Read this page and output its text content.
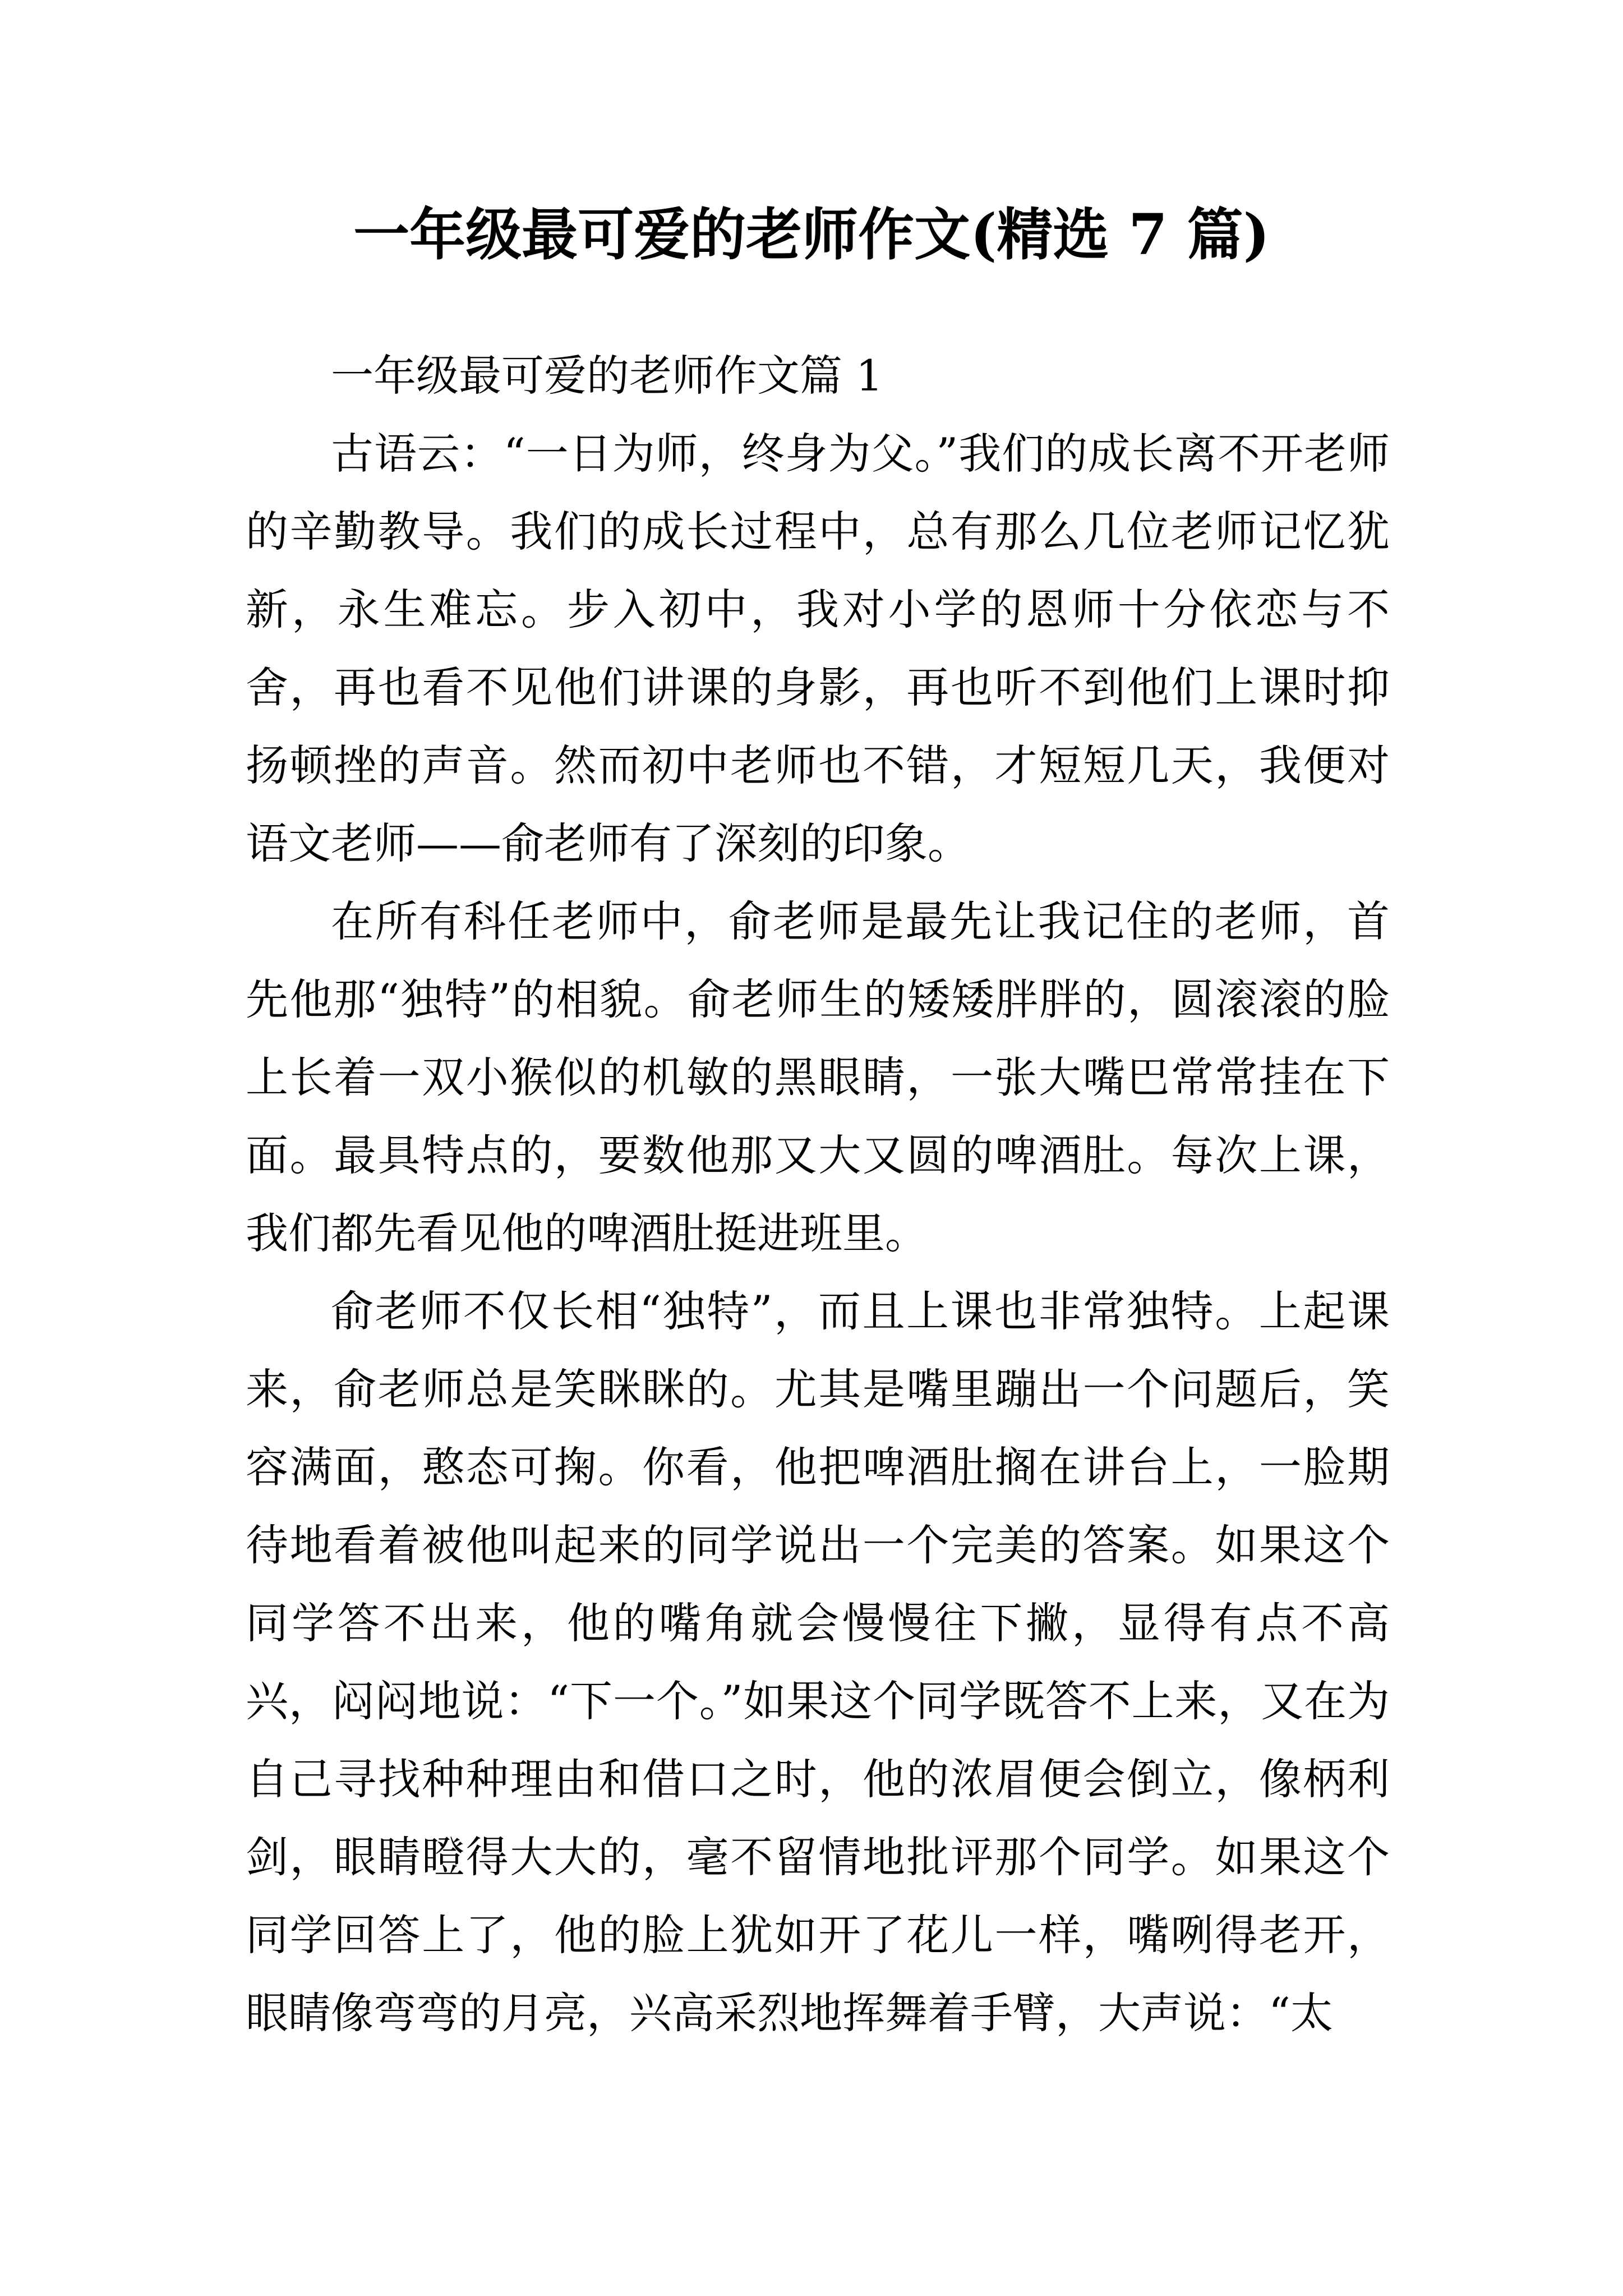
一年级最可爱的老师作文(精选 7 篇)

一年级最可爱的老师作文篇 1

古语云：“一日为师，终身为父。”我们的成长离不开老师的辛勤教导。我们的成长过程中，总有那么几位老师记忆犹新，永生难忘。步入初中，我对小学的恩师十分依恋与不舍，再也看不见他们讲课的身影，再也听不到他们上课时抑扬顿挫的声音。然而初中老师也不错，才短短几天，我便对语文老师——俞老师有了深刻的印象。

在所有科任老师中，俞老师是最先让我记住的老师，首先他那“独特”的相貌。俞老师生的矮矮胖胖的，圆滚滚的脸上长着一双小猴似的机敏的黑眼睛，一张大嘴巴常常挂在下面。最具特点的，要数他那又大又圆的啤酒肚。每次上课，我们都先看见他的啤酒肚挺进班里。

俞老师不仅长相“独特”，而且上课也非常独特。上起课来，俞老师总是笑眯眯的。尤其是嘴里蹦出一个问题后，笑容满面，憨态可掬。你看，他把啤酒肚搁在讲台上，一脸期待地看着被他叫起来的同学说出一个完美的答案。如果这个同学答不出来，他的嘴角就会慢慢往下撇，显得有点不高兴，闷闷地说：“下一个。”如果这个同学既答不上来，又在为自己寻找种种理由和借口之时，他的浓眉便会倒立，像柄利剑，眼睛瞪得大大的，毫不留情地批评那个同学。如果这个同学回答上了，他的脸上犹如开了花儿一样，嘴咧得老开，眼睛像弯弯的月亮，兴高采烈地挥舞着手臂，大声说：“太
